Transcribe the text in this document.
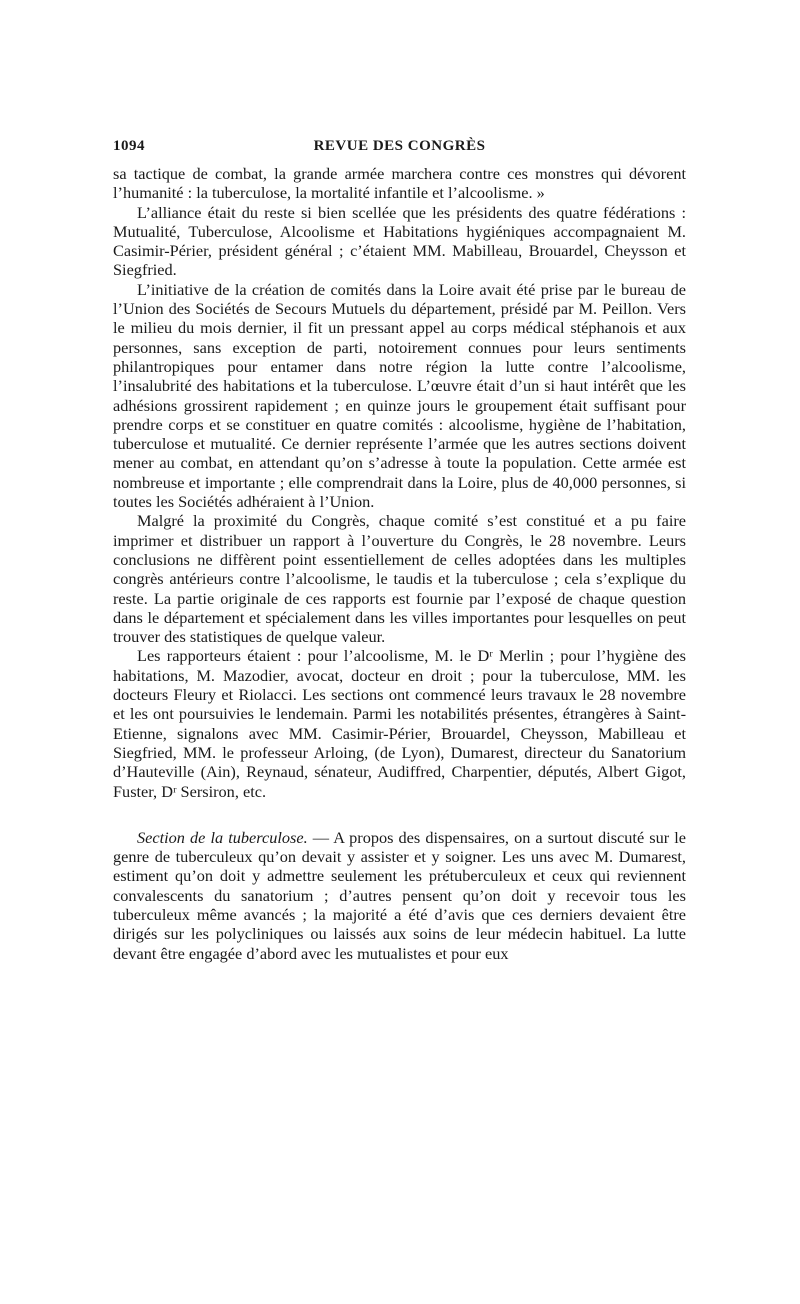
1094	REVUE DES CONGRÈS

sa tactique de combat, la grande armée marchera contre ces monstres qui dévorent l’humanité : la tuberculose, la mortalité infantile et l’alcoolisme. »

L’alliance était du reste si bien scellée que les présidents des quatre fédérations : Mutualité, Tuberculose, Alcoolisme et Habitations hygiéniques accompagnaient M. Casimir-Périer, président général ; c’étaient MM. Mabilleau, Brouardel, Cheysson et Siegfried.

L’initiative de la création de comités dans la Loire avait été prise par le bureau de l’Union des Sociétés de Secours Mutuels du département, présidé par M. Peillon. Vers le milieu du mois dernier, il fit un pressant appel au corps médical stéphanois et aux personnes, sans exception de parti, notoirement connues pour leurs sentiments philantropiques pour entamer dans notre région la lutte contre l’alcoolisme, l’insalubrité des habitations et la tuberculose. L’œuvre était d’un si haut intérêt que les adhésions grossirent rapidement ; en quinze jours le groupement était suffisant pour prendre corps et se constituer en quatre comités : alcoolisme, hygiène de l’habitation, tuberculose et mutualité. Ce dernier représente l’armée que les autres sections doivent mener au combat, en attendant qu’on s’adresse à toute la population. Cette armée est nombreuse et importante ; elle comprendrait dans la Loire, plus de 40,000 personnes, si toutes les Sociétés adhéraient à l’Union.

Malgré la proximité du Congrès, chaque comité s’est constitué et a pu faire imprimer et distribuer un rapport à l’ouverture du Congrès, le 28 novembre. Leurs conclusions ne diffèrent point essentiellement de celles adoptées dans les multiples congrès antérieurs contre l’alcoolisme, le taudis et la tuberculose ; cela s’explique du reste. La partie originale de ces rapports est fournie par l’exposé de chaque question dans le département et spécialement dans les villes importantes pour lesquelles on peut trouver des statistiques de quelque valeur.

Les rapporteurs étaient : pour l’alcoolisme, M. le Dʳ Merlin ; pour l’hygiène des habitations, M. Mazodier, avocat, docteur en droit ; pour la tuberculose, MM. les docteurs Fleury et Riolacci. Les sections ont commencé leurs travaux le 28 novembre et les ont poursuivies le lendemain. Parmi les notabilités présentes, étrangères à Saint-Etienne, signalons avec MM. Casimir-Périer, Brouardel, Cheysson, Mabilleau et Siegfried, MM. le professeur Arloing, (de Lyon), Dumarest, directeur du Sanatorium d’Hauteville (Ain), Reynaud, sénateur, Audiffred, Charpentier, députés, Albert Gigot, Fuster, Dʳ Sersiron, etc.

Section de la tuberculose. — A propos des dispensaires, on a surtout discuté sur le genre de tuberculeux qu’on devait y assister et y soigner. Les uns avec M. Dumarest, estiment qu’on doit y admettre seulement les prétuberculeux et ceux qui reviennent convalescents du sanatorium ; d’autres pensent qu’on doit y recevoir tous les tuberculeux même avancés ; la majorité a été d’avis que ces derniers devaient être dirigés sur les polycliniques ou laissés aux soins de leur médecin habituel. La lutte devant être engagée d’abord avec les mutualistes et pour eux
